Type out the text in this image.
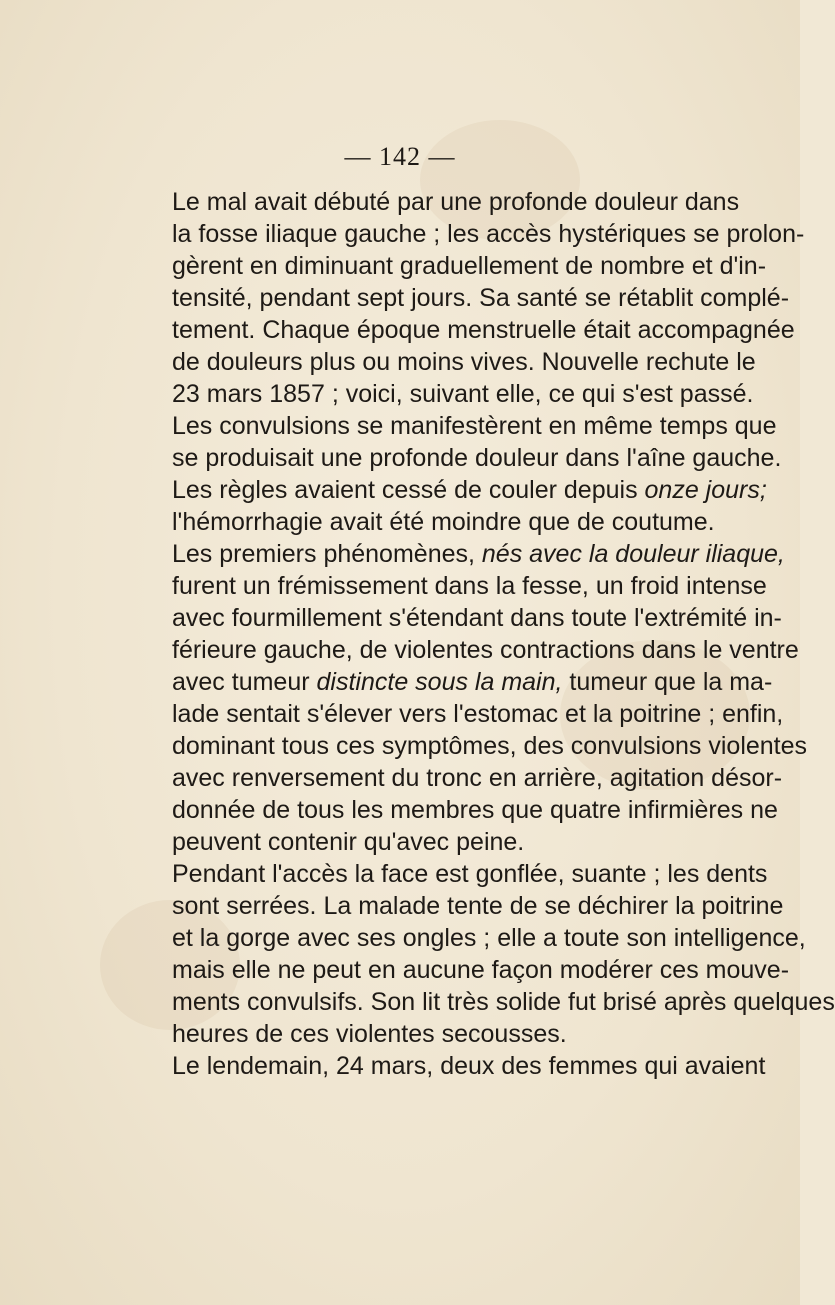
— 142 —
Le mal avait débuté par une profonde douleur dans
la fosse iliaque gauche ; les accès hystériques se prolon-
gèrent en diminuant graduellement de nombre et d'in-
tensité, pendant sept jours. Sa santé se rétablit complé-
tement. Chaque époque menstruelle était accompagnée
de douleurs plus ou moins vives. Nouvelle rechute le
23 mars 1857 ; voici, suivant elle, ce qui s'est passé.
Les convulsions se manifestèrent en même temps que
se produisait une profonde douleur dans l'aîne gauche.
Les règles avaient cessé de couler depuis onze jours;
l'hémorrhagie avait été moindre que de coutume.
Les premiers phénomènes, nés avec la douleur iliaque,
furent un frémissement dans la fesse, un froid intense
avec fourmillement s'étendant dans toute l'extrémité in-
férieure gauche, de violentes contractions dans le ventre
avec tumeur distincte sous la main, tumeur que la ma-
lade sentait s'élever vers l'estomac et la poitrine ; enfin,
dominant tous ces symptômes, des convulsions violentes
avec renversement du tronc en arrière, agitation désor-
donnée de tous les membres que quatre infirmières ne
peuvent contenir qu'avec peine.
Pendant l'accès la face est gonflée, suante ; les dents
sont serrées. La malade tente de se déchirer la poitrine
et la gorge avec ses ongles ; elle a toute son intelligence,
mais elle ne peut en aucune façon modérer ces mouve-
ments convulsifs. Son lit très solide fut brisé après quelques
heures de ces violentes secousses.
Le lendemain, 24 mars, deux des femmes qui avaient
